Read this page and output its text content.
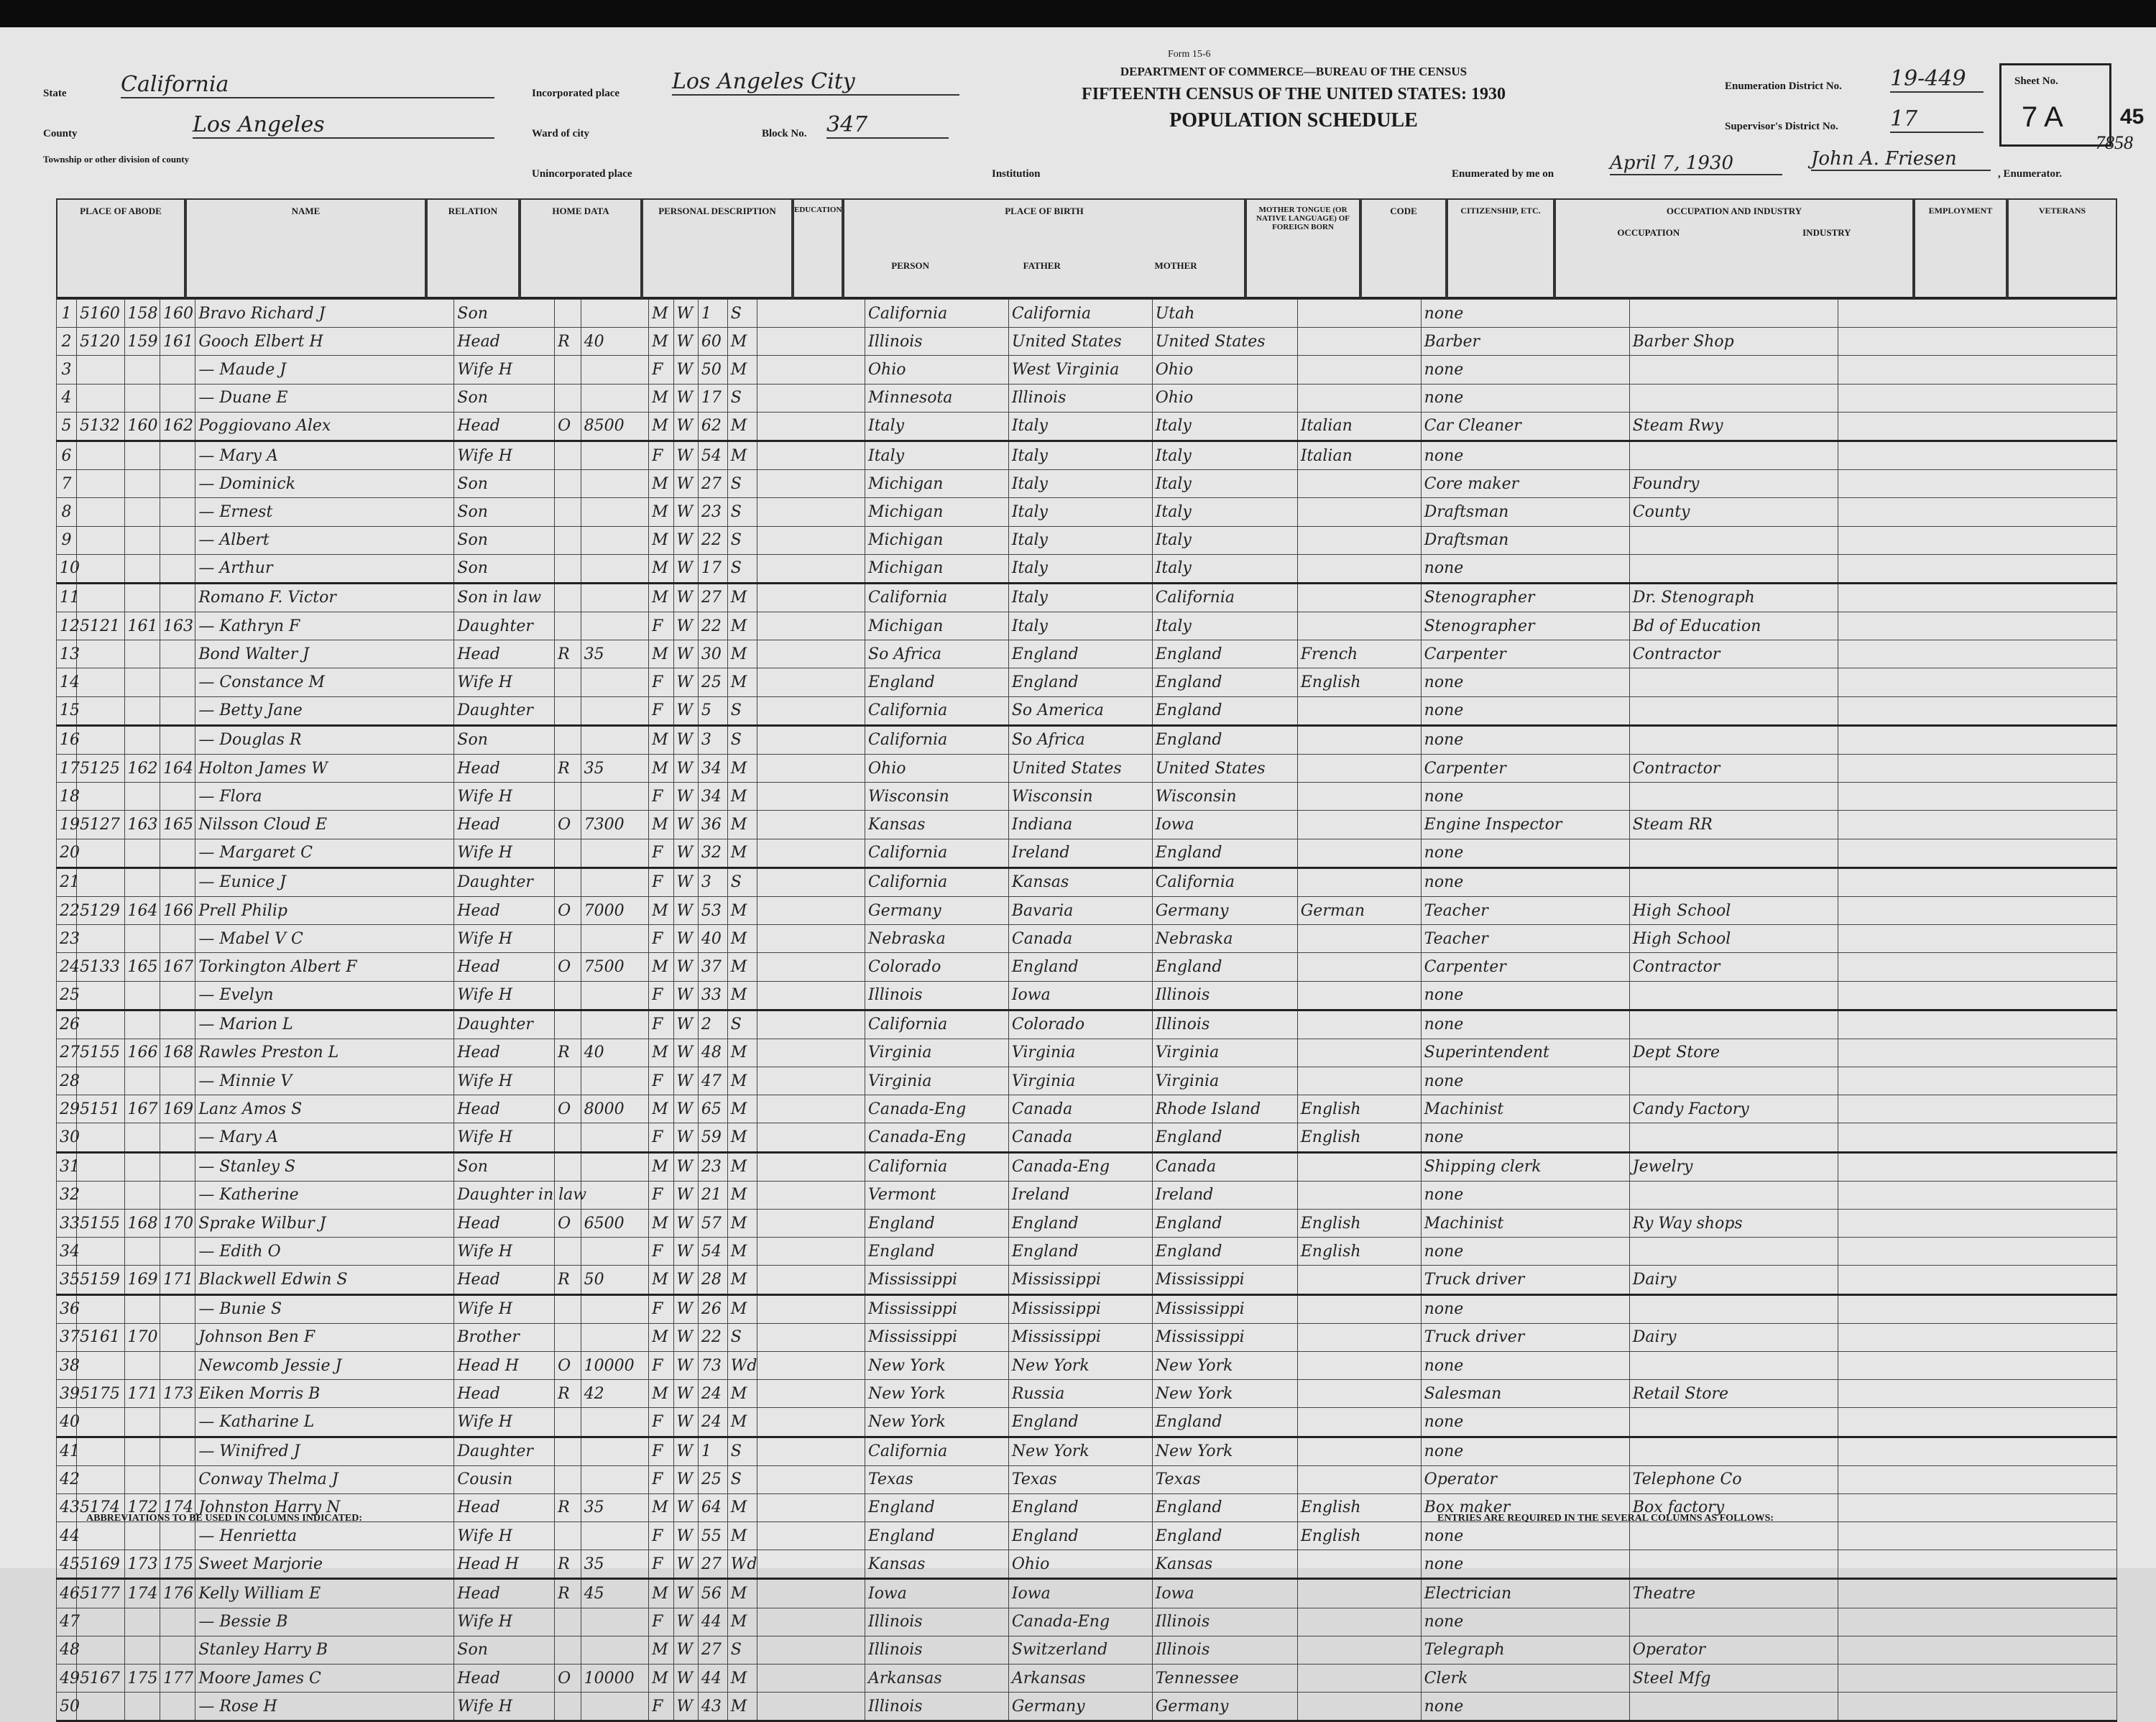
Form 15-6
DEPARTMENT OF COMMERCE—BUREAU OF THE CENSUS
FIFTEENTH CENSUS OF THE UNITED STATES: 1930
POPULATION SCHEDULE
State	California
County	Los Angeles
Township or other division of county
Incorporated place Los Angeles City
Ward of city	Block No. 347
Unincorporated place	Institution
Enumeration District No. 19-449
Supervisor's District No. 17
Sheet No.
7 A	45
7858
Enumerated by me on	April 7, 1930	John A. Friesen
, Enumerator.
PLACE OF ABODE	NAME	RELATION	HOME DATA	PERSONAL DESCRIPTION	EDUCATION	PLACE OF BIRTH
PERSON	FATHER	MOTHER
MOTHER TONGUE (OR NATIVE LANGUAGE) OF FOREIGN BORN
CODE	CITIZENSHIP, ETC.	OCCUPATION AND INDUSTRY
OCCUPATION	INDUSTRY
EMPLOYMENT	VETERANS
1	5160	158	160	Bravo Richard J	Son			M	W	1	S		California	California	Utah		none		
2	5120	159	161	Gooch Elbert H	Head	R	40	M	W	60	M		Illinois	United States	United States		Barber	Barber Shop	
3				— Maude J	Wife H			F	W	50	M		Ohio	West Virginia	Ohio		none		
4				— Duane E	Son			M	W	17	S		Minnesota	Illinois	Ohio		none		
5	5132	160	162	Poggiovano Alex	Head	O	8500	M	W	62	M		Italy	Italy	Italy	Italian	Car Cleaner	Steam Rwy	
6				— Mary A	Wife H			F	W	54	M		Italy	Italy	Italy	Italian	none		
7				— Dominick	Son			M	W	27	S		Michigan	Italy	Italy		Core maker	Foundry	
8				— Ernest	Son			M	W	23	S		Michigan	Italy	Italy		Draftsman	County	
9				— Albert	Son			M	W	22	S		Michigan	Italy	Italy		Draftsman		
10				— Arthur	Son			M	W	17	S		Michigan	Italy	Italy		none		
11				Romano F. Victor	Son in law			M	W	27	M		California	Italy	California		Stenographer	Dr. Stenograph	
12	5121	161	163	— Kathryn F	Daughter			F	W	22	M		Michigan	Italy	Italy		Stenographer	Bd of Education	
13				Bond Walter J	Head	R	35	M	W	30	M		So Africa	England	England	French	Carpenter	Contractor	
14				— Constance M	Wife H			F	W	25	M		England	England	England	English	none		
15				— Betty Jane	Daughter			F	W	5	S		California	So America	England		none		
16				— Douglas R	Son			M	W	3	S		California	So Africa	England		none		
17	5125	162	164	Holton James W	Head	R	35	M	W	34	M		Ohio	United States	United States		Carpenter	Contractor	
18				— Flora	Wife H			F	W	34	M		Wisconsin	Wisconsin	Wisconsin		none		
19	5127	163	165	Nilsson Cloud E	Head	O	7300	M	W	36	M		Kansas	Indiana	Iowa		Engine Inspector	Steam RR	
20				— Margaret C	Wife H			F	W	32	M		California	Ireland	England		none		
21				— Eunice J	Daughter			F	W	3	S		California	Kansas	California		none		
22	5129	164	166	Prell Philip	Head	O	7000	M	W	53	M		Germany	Bavaria	Germany	German	Teacher	High School	
23				— Mabel V C	Wife H			F	W	40	M		Nebraska	Canada	Nebraska		Teacher	High School	
24	5133	165	167	Torkington Albert F	Head	O	7500	M	W	37	M		Colorado	England	England		Carpenter	Contractor	
25				— Evelyn	Wife H			F	W	33	M		Illinois	Iowa	Illinois		none		
26				— Marion L	Daughter			F	W	2	S		California	Colorado	Illinois		none		
27	5155	166	168	Rawles Preston L	Head	R	40	M	W	48	M		Virginia	Virginia	Virginia		Superintendent	Dept Store	
28				— Minnie V	Wife H			F	W	47	M		Virginia	Virginia	Virginia		none		
29	5151	167	169	Lanz Amos S	Head	O	8000	M	W	65	M		Canada-Eng	Canada	Rhode Island	English	Machinist	Candy Factory	
30				— Mary A	Wife H			F	W	59	M		Canada-Eng	Canada	England	English	none		
31				— Stanley S	Son			M	W	23	M		California	Canada-Eng	Canada		Shipping clerk	Jewelry	
32				— Katherine	Daughter in law			F	W	21	M		Vermont	Ireland	Ireland		none		
33	5155	168	170	Sprake Wilbur J	Head	O	6500	M	W	57	M		England	England	England	English	Machinist	Ry Way shops	
34				— Edith O	Wife H			F	W	54	M		England	England	England	English	none		
35	5159	169	171	Blackwell Edwin S	Head	R	50	M	W	28	M		Mississippi	Mississippi	Mississippi		Truck driver	Dairy	
36				— Bunie S	Wife H			F	W	26	M		Mississippi	Mississippi	Mississippi		none		
37	5161	170		Johnson Ben F	Brother			M	W	22	S		Mississippi	Mississippi	Mississippi		Truck driver	Dairy	
38				Newcomb Jessie J	Head H	O	10000	F	W	73	Wd		New York	New York	New York		none		
39	5175	171	173	Eiken Morris B	Head	R	42	M	W	24	M		New York	Russia	New York		Salesman	Retail Store	
40				— Katharine L	Wife H			F	W	24	M		New York	England	England		none		
41				— Winifred J	Daughter			F	W	1	S		California	New York	New York		none		
42				Conway Thelma J	Cousin			F	W	25	S		Texas	Texas	Texas		Operator	Telephone Co	
43	5174	172	174	Johnston Harry N	Head	R	35	M	W	64	M		England	England	England	English	Box maker	Box factory	
44				— Henrietta	Wife H			F	W	55	M		England	England	England	English	none		
45	5169	173	175	Sweet Marjorie	Head H	R	35	F	W	27	Wd		Kansas	Ohio	Kansas		none		
46	5177	174	176	Kelly William E	Head	R	45	M	W	56	M		Iowa	Iowa	Iowa		Electrician	Theatre	
47				— Bessie B	Wife H			F	W	44	M		Illinois	Canada-Eng	Illinois		none		
48				Stanley Harry B	Son			M	W	27	S		Illinois	Switzerland	Illinois		Telegraph	Operator	
49	5167	175	177	Moore James C	Head	O	10000	M	W	44	M		Arkansas	Arkansas	Tennessee		Clerk	Steel Mfg	
50				— Rose H	Wife H			F	W	43	M		Illinois	Germany	Germany		none		
ABBREVIATIONS TO BE USED IN COLUMNS INDICATED:	ENTRIES ARE REQUIRED IN THE SEVERAL COLUMNS AS FOLLOWS:
